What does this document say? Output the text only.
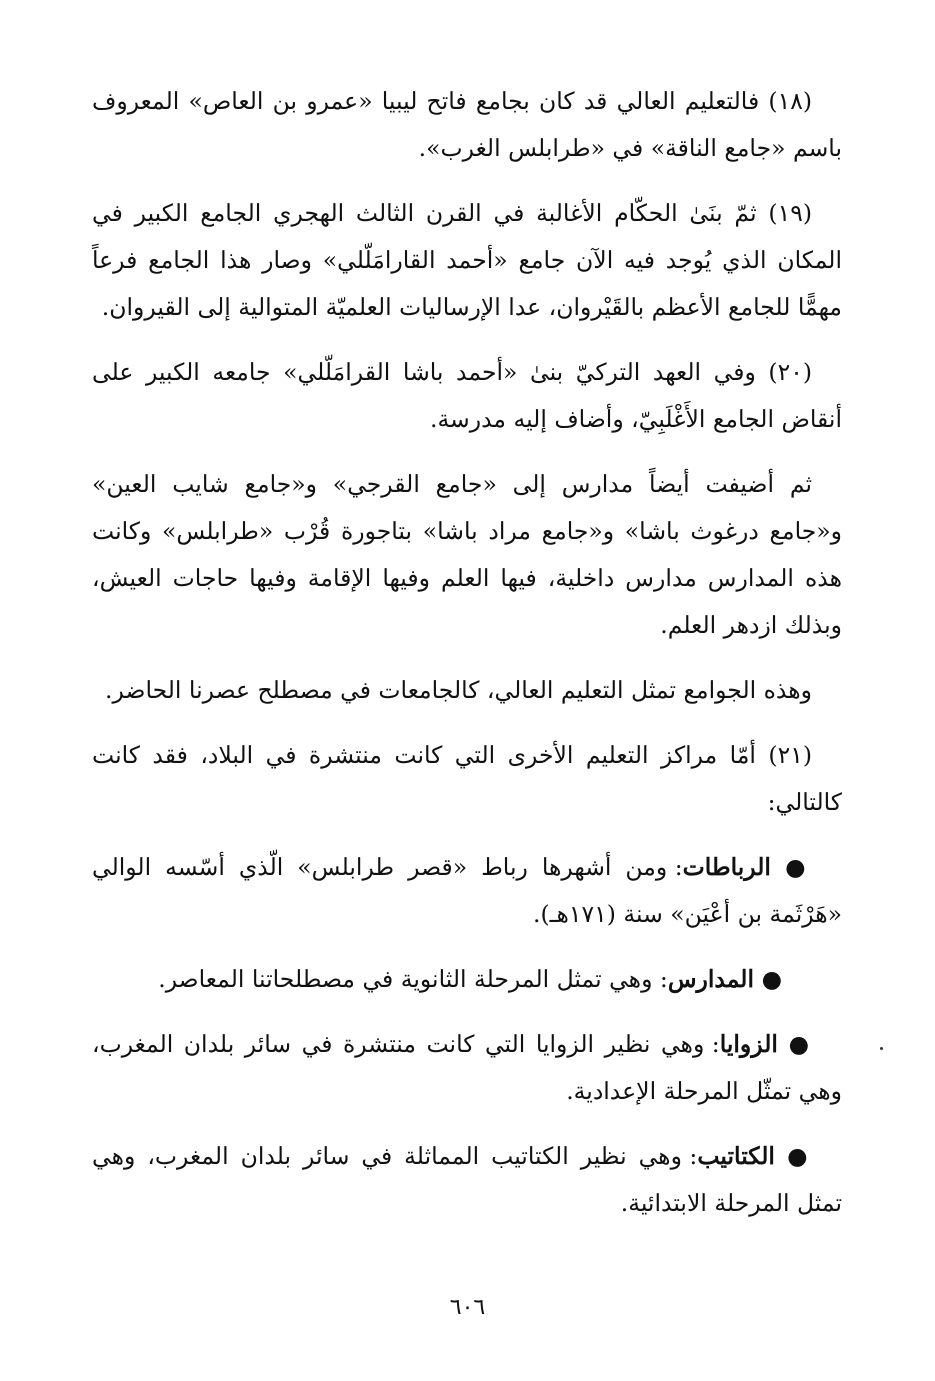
(١٨) فالتعليم العالي قد كان بجامع فاتح ليبيا «عمرو بن العاص» المعروف باسم «جامع الناقة» في «طرابلس الغرب».

(١٩) ثمّ بنَىٰ الحكّام الأغالبة في القرن الثالث الهجري الجامع الكبير في المكان الذي يُوجد فيه الآن جامع «أحمد القارامَلّلي» وصار هذا الجامع فرعاً مهمًّا للجامع الأعظم بالقَيْروان، عدا الإرساليات العلميّة المتوالية إلى القيروان.

(٢٠) وفي العهد التركيّ بنىٰ «أحمد باشا القرامَلّلي» جامعه الكبير على أنقاض الجامع الأَغْلَبِيّ، وأضاف إليه مدرسة.

ثم أضيفت أيضاً مدارس إلى «جامع القرجي» و«جامع شايب العين» و«جامع درغوث باشا» و«جامع مراد باشا» بتاجورة قُرْب «طرابلس» وكانت هذه المدارس مدارس داخلية، فيها العلم وفيها الإقامة وفيها حاجات العيش، وبذلك ازدهر العلم.

وهذه الجوامع تمثل التعليم العالي، كالجامعات في مصطلح عصرنا الحاضر.

(٢١) أمّا مراكز التعليم الأخرى التي كانت منتشرة في البلاد، فقد كانت كالتالي:

● الرباطات: ومن أشهرها رباط «قصر طرابلس» الّذي أسّسه الوالي «هَرْثَمة بن أعْيَن» سنة (١٧١هـ).

● المدارس: وهي تمثل المرحلة الثانوية في مصطلحاتنا المعاصر.

● الزوايا: وهي نظير الزوايا التي كانت منتشرة في سائر بلدان المغرب، وهي تمثّل المرحلة الإعدادية.

● الكتاتيب: وهي نظير الكتاتيب المماثلة في سائر بلدان المغرب، وهي تمثل المرحلة الابتدائية.

٦٠٦
